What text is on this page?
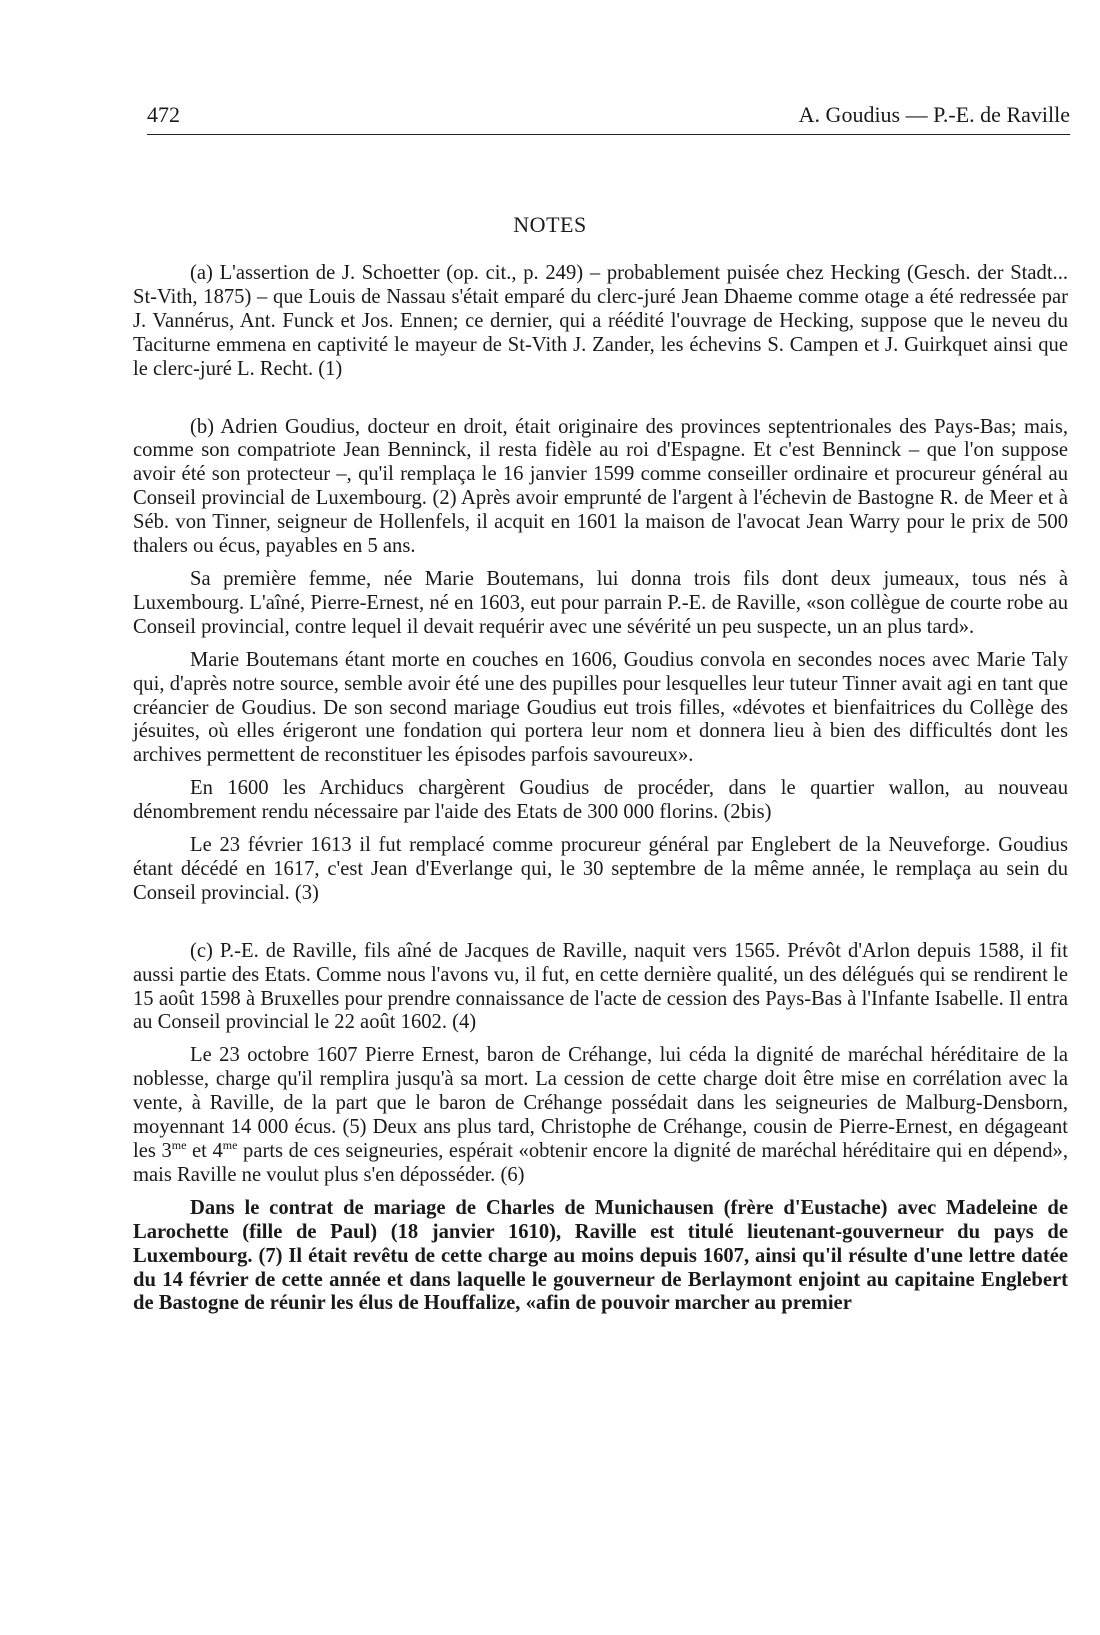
472	A. Goudius — P.-E. de Raville
NOTES

(a) L'assertion de J. Schoetter (op. cit., p. 249) – probablement puisée chez Hecking (Gesch. der Stadt... St-Vith, 1875) – que Louis de Nassau s'était emparé du clerc-juré Jean Dhaeme comme otage a été redressée par J. Vannérus, Ant. Funck et Jos. Ennen; ce dernier, qui a réédité l'ouvrage de Hecking, suppose que le neveu du Taciturne emmena en captivité le mayeur de St-Vith J. Zander, les échevins S. Campen et J. Guirkquet ainsi que le clerc-juré L. Recht. (1)

(b) Adrien Goudius, docteur en droit, était originaire des provinces septentrionales des Pays-Bas; mais, comme son compatriote Jean Benninck, il resta fidèle au roi d'Espagne. Et c'est Benninck – que l'on suppose avoir été son protecteur –, qu'il remplaça le 16 janvier 1599 comme conseiller ordinaire et procureur général au Conseil provincial de Luxembourg. (2) Après avoir emprunté de l'argent à l'échevin de Bastogne R. de Meer et à Séb. von Tinner, seigneur de Hollenfels, il acquit en 1601 la maison de l'avocat Jean Warry pour le prix de 500 thalers ou écus, payables en 5 ans.

Sa première femme, née Marie Boutemans, lui donna trois fils dont deux jumeaux, tous nés à Luxembourg. L'aîné, Pierre-Ernest, né en 1603, eut pour parrain P.-E. de Raville, «son collègue de courte robe au Conseil provincial, contre lequel il devait requérir avec une sévérité un peu suspecte, un an plus tard».

Marie Boutemans étant morte en couches en 1606, Goudius convola en secondes noces avec Marie Taly qui, d'après notre source, semble avoir été une des pupilles pour lesquelles leur tuteur Tinner avait agi en tant que créancier de Goudius. De son second mariage Goudius eut trois filles, «dévotes et bienfaitrices du Collège des jésuites, où elles érigeront une fondation qui portera leur nom et donnera lieu à bien des difficultés dont les archives permettent de reconstituer les épisodes parfois savoureux».

En 1600 les Archiducs chargèrent Goudius de procéder, dans le quartier wallon, au nouveau dénombrement rendu nécessaire par l'aide des Etats de 300 000 florins. (2bis)

Le 23 février 1613 il fut remplacé comme procureur général par Englebert de la Neuveforge. Goudius étant décédé en 1617, c'est Jean d'Everlange qui, le 30 septembre de la même année, le remplaça au sein du Conseil provincial. (3)

(c) P.-E. de Raville, fils aîné de Jacques de Raville, naquit vers 1565. Prévôt d'Arlon depuis 1588, il fit aussi partie des Etats. Comme nous l'avons vu, il fut, en cette dernière qualité, un des délégués qui se rendirent le 15 août 1598 à Bruxelles pour prendre connaissance de l'acte de cession des Pays-Bas à l'Infante Isabelle. Il entra au Conseil provincial le 22 août 1602. (4)

Le 23 octobre 1607 Pierre Ernest, baron de Créhange, lui céda la dignité de maréchal héréditaire de la noblesse, charge qu'il remplira jusqu'à sa mort. La cession de cette charge doit être mise en corrélation avec la vente, à Raville, de la part que le baron de Créhange possédait dans les seigneuries de Malburg-Densborn, moyennant 14 000 écus. (5) Deux ans plus tard, Christophe de Créhange, cousin de Pierre-Ernest, en dégageant les $3^{me}$ et $4^{me}$ parts de ces seigneuries, espérait «obtenir encore la dignité de maréchal héréditaire qui en dépend», mais Raville ne voulut plus s'en déposséder. (6)

Dans le contrat de mariage de Charles de Munichausen (frère d'Eustache) avec Madeleine de Larochette (fille de Paul) (18 janvier 1610), Raville est titulé lieutenant-gouverneur du pays de Luxembourg. (7) Il était revêtu de cette charge au moins depuis 1607, ainsi qu'il résulte d'une lettre datée du 14 février de cette année et dans laquelle le gouverneur de Berlaymont enjoint au capitaine Englebert de Bastogne de réunir les élus de Houffalize, «afin de pouvoir marcher au premier
